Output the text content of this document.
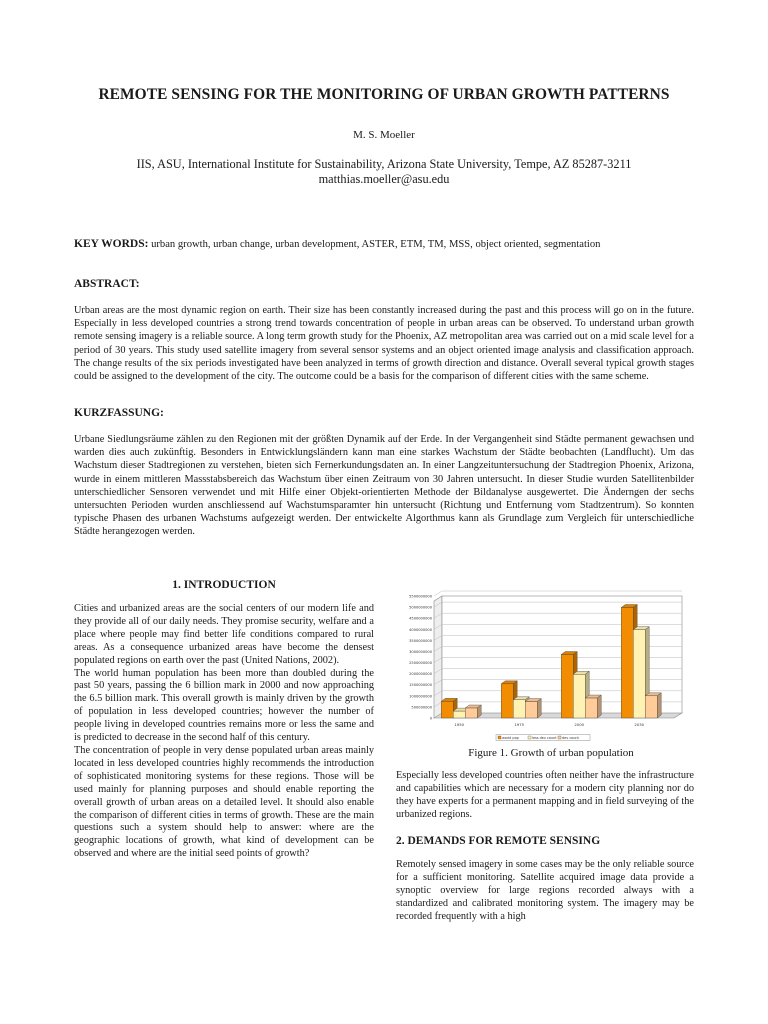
REMOTE SENSING FOR THE MONITORING OF URBAN GROWTH PATTERNS
M. S. Moeller
IIS, ASU, International Institute for Sustainability, Arizona State University, Tempe, AZ 85287-3211
matthias.moeller@asu.edu
KEY WORDS: urban growth, urban change, urban development, ASTER, ETM, TM, MSS, object oriented, segmentation
ABSTRACT:
Urban areas are the most dynamic region on earth. Their size has been constantly increased during the past and this process will go on in the future. Especially in less developed countries a strong trend towards concentration of people in urban areas can be observed. To understand urban growth remote sensing imagery is a reliable source. A long term growth study for the Phoenix, AZ metropolitan area was carried out on a mid scale level for a period of 30 years. This study used satellite imagery from several sensor systems and an object oriented image analysis and classification approach. The change results of the six periods investigated have been analyzed in terms of growth direction and distance. Overall several typical growth stages could be assigned to the development of the city. The outcome could be a basis for the comparison of different cities with the same scheme.
KURZFASSUNG:
Urbane Siedlungsräume zählen zu den Regionen mit der größten Dynamik auf der Erde. In der Vergangenheit sind Städte permanent gewachsen und warden dies auch zukünftig. Besonders in Entwicklungsländern kann man eine starkes Wachstum der Städte beobachten (Landflucht). Um das Wachstum dieser Stadtregionen zu verstehen, bieten sich Fernerkundungsdaten an. In einer Langzeituntersuchung der Stadtregion Phoenix, Arizona, wurde in einem mittleren Massstabsbereich das Wachstum über einen Zeitraum von 30 Jahren untersucht. In dieser Studie wurden Satellitenbilder unterschiedlicher Sensoren verwendet und mit Hilfe einer Objekt-orientierten Methode der Bildanalyse ausgewertet. Die Änderngen der sechs untersuchten Perioden wurden anschliessend auf Wachstumsparamter hin untersucht (Richtung und Entfernung vom Stadtzentrum). So konnten typische Phasen des urbanen Wachstums aufgezeigt werden. Der entwickelte Algorthmus kann als Grundlage zum Vergleich für unterschiedliche Städte herangezogen werden.
1. INTRODUCTION
Cities and urbanized areas are the social centers of our modern life and they provide all of our daily needs. They promise security, welfare and a place where people may find better life conditions compared to rural areas. As a consequence urbanized areas have become the densest populated regions on earth over the past (United Nations, 2002).
The world human population has been more than doubled during the past 50 years, passing the 6 billion mark in 2000 and now approaching the 6.5 billion mark. This overall growth is mainly driven by the growth of population in less developed countries; however the number of people living in developed countries remains more or less the same and is predicted to decrease in the second half of this century.
The concentration of people in very dense populated urban areas mainly located in less developed countries highly recommends the introduction of sophisticated monitoring systems for these regions. Those will be used mainly for planning purposes and should enable reporting the overall growth of urban areas on a detailed level. It should also enable the comparison of different cities in terms of growth. These are the main questions such a system should help to answer: where are the geographic locations of growth, what kind of development can be observed and where are the initial seed points of growth?
0
500000000
1000000000
1500000000
2000000000
2500000000
3000000000
3500000000
4000000000
4500000000
5000000000
5500000000
1950	1975	2000	2030
world pop	less dev count dev count
Figure 1. Growth of urban population
Especially less developed countries often neither have the infrastructure and capabilities which are necessary for a modern city planning nor do they have experts for a permanent mapping and in field surveying of the urbanized regions.
2. DEMANDS FOR REMOTE SENSING
Remotely sensed imagery in some cases may be the only reliable source for a sufficient monitoring. Satellite acquired image data provide a synoptic overview for large regions recorded always with a standardized and calibrated monitoring system. The imagery may be recorded frequently with a high
